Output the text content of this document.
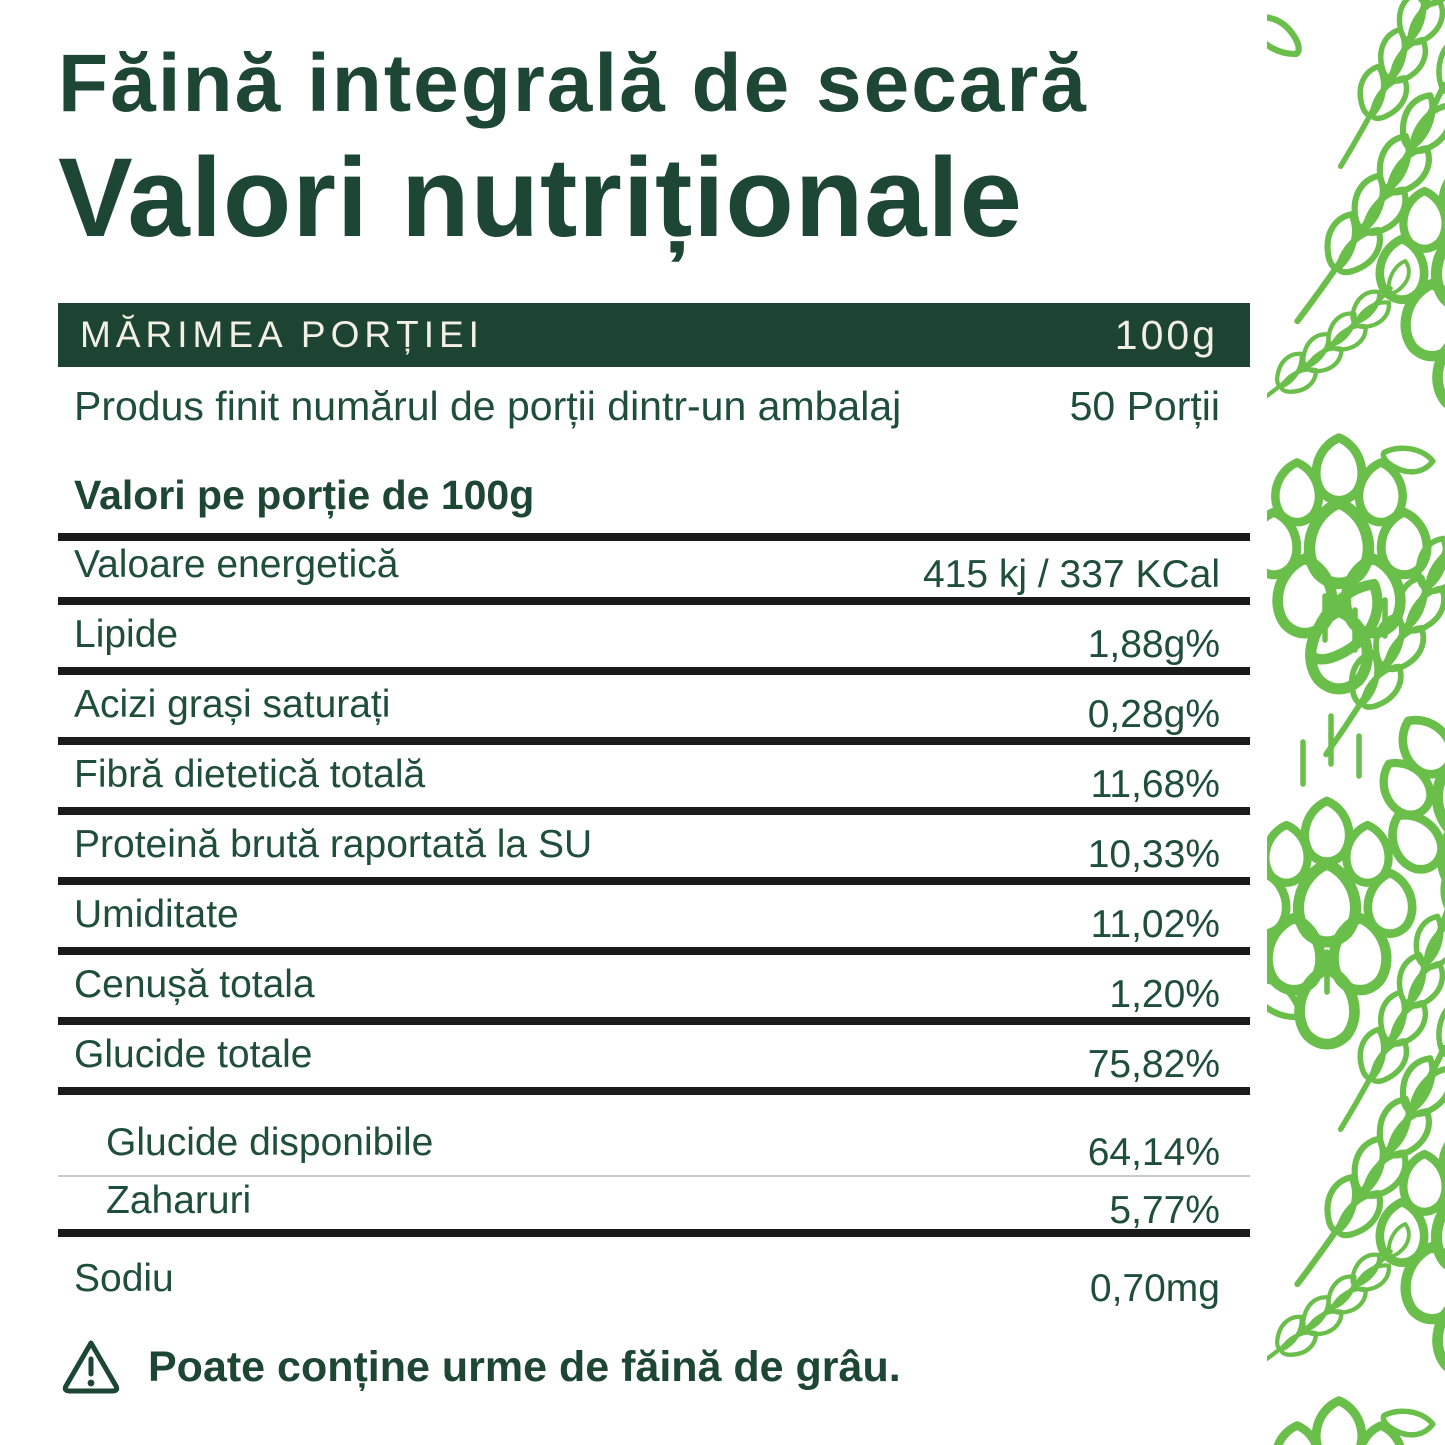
Făină integrală de secară
Valori nutriționale
MĂRIMEA PORȚIEI	100g
Produs finit numărul de porții dintr-un ambalaj	50 Porții
Valori pe porție de 100g
Valoare energetică	415 kj / 337 KCal
Lipide	1,88g%
Acizi grași saturați	0,28g%
Fibră dietetică totală	11,68%
Proteină brută raportată la SU	10,33%
Umiditate	11,02%
Cenușă totala	1,20%
Glucide totale	75,82%
Glucide disponibile	64,14%
Zaharuri	5,77%
Sodiu	0,70mg
Poate conține urme de făină de grâu.
